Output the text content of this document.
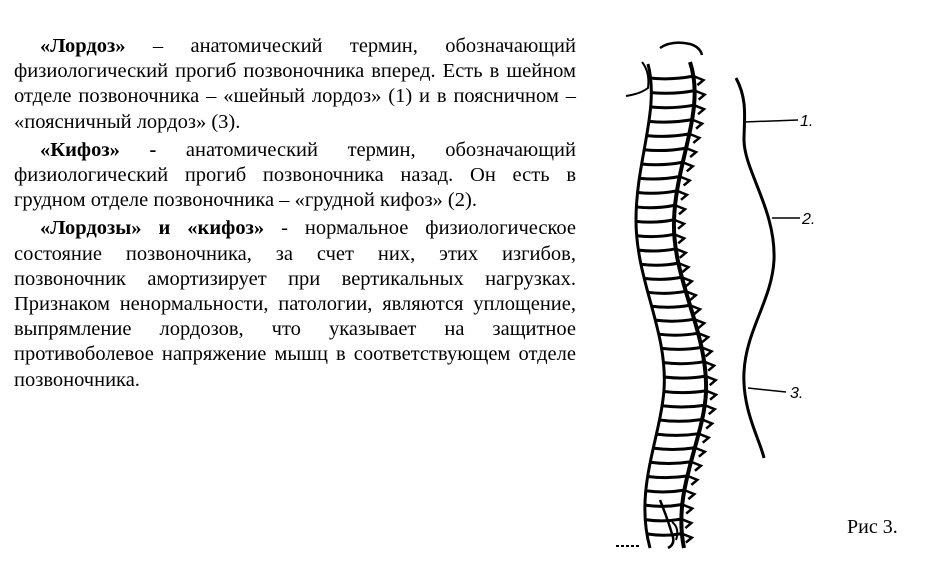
«Лордоз» – анатомический термин, обозначающий физиологический прогиб позвоночника вперед. Есть в шейном отделе позвоночника – «шейный лордоз» (1) и в поясничном – «поясничный лордоз» (3).

«Кифоз» - анатомический термин, обозначающий физиологический прогиб позвоночника назад. Он есть в грудном отделе позвоночника – «грудной кифоз» (2).

«Лордозы» и «кифоз» - нормальное физиологическое состояние позвоночника, за счет них, этих изгибов, позвоночник амортизирует при вертикальных нагрузках. Признаком ненормальности, патологии, являются уплощение, выпрямление лордозов, что указывает на защитное противоболевое напряжение мышц в соответствующем отделе позвоночника.

1.
2.
3.
Рис 3.
